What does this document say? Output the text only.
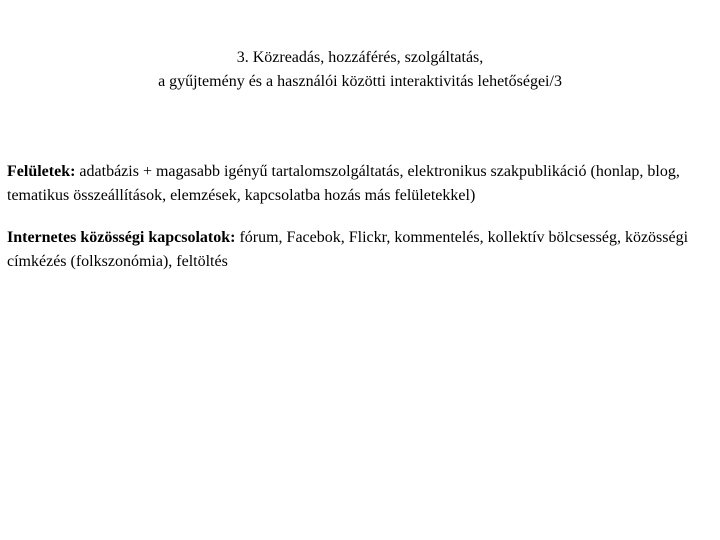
3. Közreadás, hozzáférés, szolgáltatás,
a gyűjtemény és a használói közötti interaktivitás lehetőségei/3
Felületek: adatbázis + magasabb igényű tartalomszolgáltatás, elektronikus szakpublikáció (honlap, blog, tematikus összeállítások, elemzések, kapcsolatba hozás más felületekkel)
Internetes közösségi kapcsolatok: fórum, Facebok, Flickr, kommentelés, kollektív bölcsesség, közösségi címkézés (folkszonómia), feltöltés
